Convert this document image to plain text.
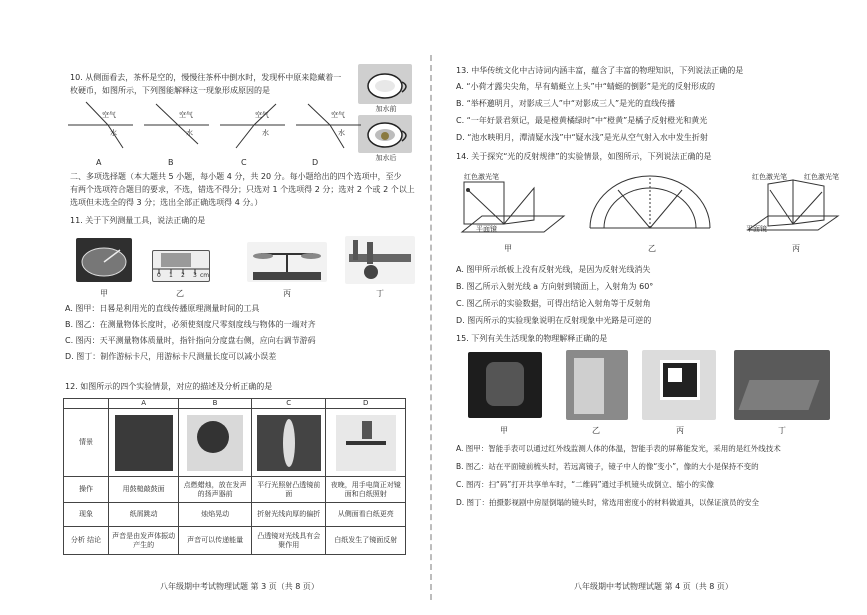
10. 从侧面看去，茶杯是空的，慢慢往茶杯中倒水时，发现杯中原来隐藏着一
枚硬币，如图所示，下列图能解释这一现象形成原因的是
加水前
加水后
空气
水
空气
水
空气
水
空气
水
A	B	C	D
二、多项选择题（本大题共 5 小题，每小题 4 分，共 20 分。每小题给出的四个选项中，至少
有两个选项符合题目的要求，不选，错选不得分；只选对 1 个选项得 2 分；选对 2 个或 2 个以上
选项但未选全的得 3 分；选出全部正确选项得 4 分。）
11. 关于下列测量工具，说法正确的是
0 1 2 3 cm
甲	乙	丙	丁
A. 图甲：日晷是利用光的直线传播原理测量时间的工具
B. 图乙：在测量物体长度时，必须使刻度尺零刻度线与物体的一端对齐
C. 图丙：天平测量物体质量时，指针指向分度盘右侧，应向右调节游码
D. 图丁：制作游标卡尺，用游标卡尺测量长度可以减小误差
12. 如图所示的四个实验情景，对应的描述及分析正确的是
	A	B	C	D
情景	

操作	用鼓槌敲鼓面	点燃蜡烛，放在发声的扬声器前	平行光照射凸透镜前面	夜晚，用手电筒正对镜面和白纸照射
现象	纸屑跳动	烛焰晃动	折射光线向厚的偏折	从侧面看白纸更亮
分析 结论	声音是由发声体振动产生的	声音可以传递能量	凸透镜对光线具有会聚作用	白纸发生了镜面反射
八年级期中考试物理试题 第 3 页（共 8 页）
13. 中华传统文化中古诗词内涵丰富，蕴含了丰富的物理知识，下列说法正确的是
A. “小荷才露尖尖角，早有蜻蜓立上头”中“蜻蜓的倒影”是光的反射形成的
B. “举杯邀明月，对影成三人”中“对影成三人”是光的直线传播
C. “一年好景君须记，最是橙黄橘绿时”中“橙黄”是橘子反射橙光和黄光
D. “池水映明月，潭清疑水浅”中“疑水浅”是光从空气射入水中发生折射
14. 关于探究“光的反射规律”的实验情景，如图所示，下列说法正确的是
红色激光笔
平面镜
红色激光笔 红色激光笔
平面镜
甲	乙	丙
A. 图甲所示纸板上没有反射光线，是因为反射光线消失
B. 图乙所示入射光线 a 方向射到镜面上，入射角为 60°
C. 图乙所示的实验数据，可得出结论入射角等于反射角
D. 图丙所示的实验现象说明在反射现象中光路是可逆的
15. 下列有关生活现象的物理解释正确的是
甲	乙	丙	丁
A. 图甲：智能手表可以通过红外线监测人体的体温，智能手表的屏幕能发光，采用的是红外线技术
B. 图乙：站在平面镜前梳头时，若远离镜子，镜子中人的像“变小”，像的大小是保持不变的
C. 图丙：扫“码”打开共享单车时，“二维码”通过手机镜头成倒立、缩小的实像
D. 图丁：拍摄影视剧中房屋倒塌的镜头时，常选用密度小的材料做道具，以保证演员的安全
八年级期中考试物理试题 第 4 页（共 8 页）
